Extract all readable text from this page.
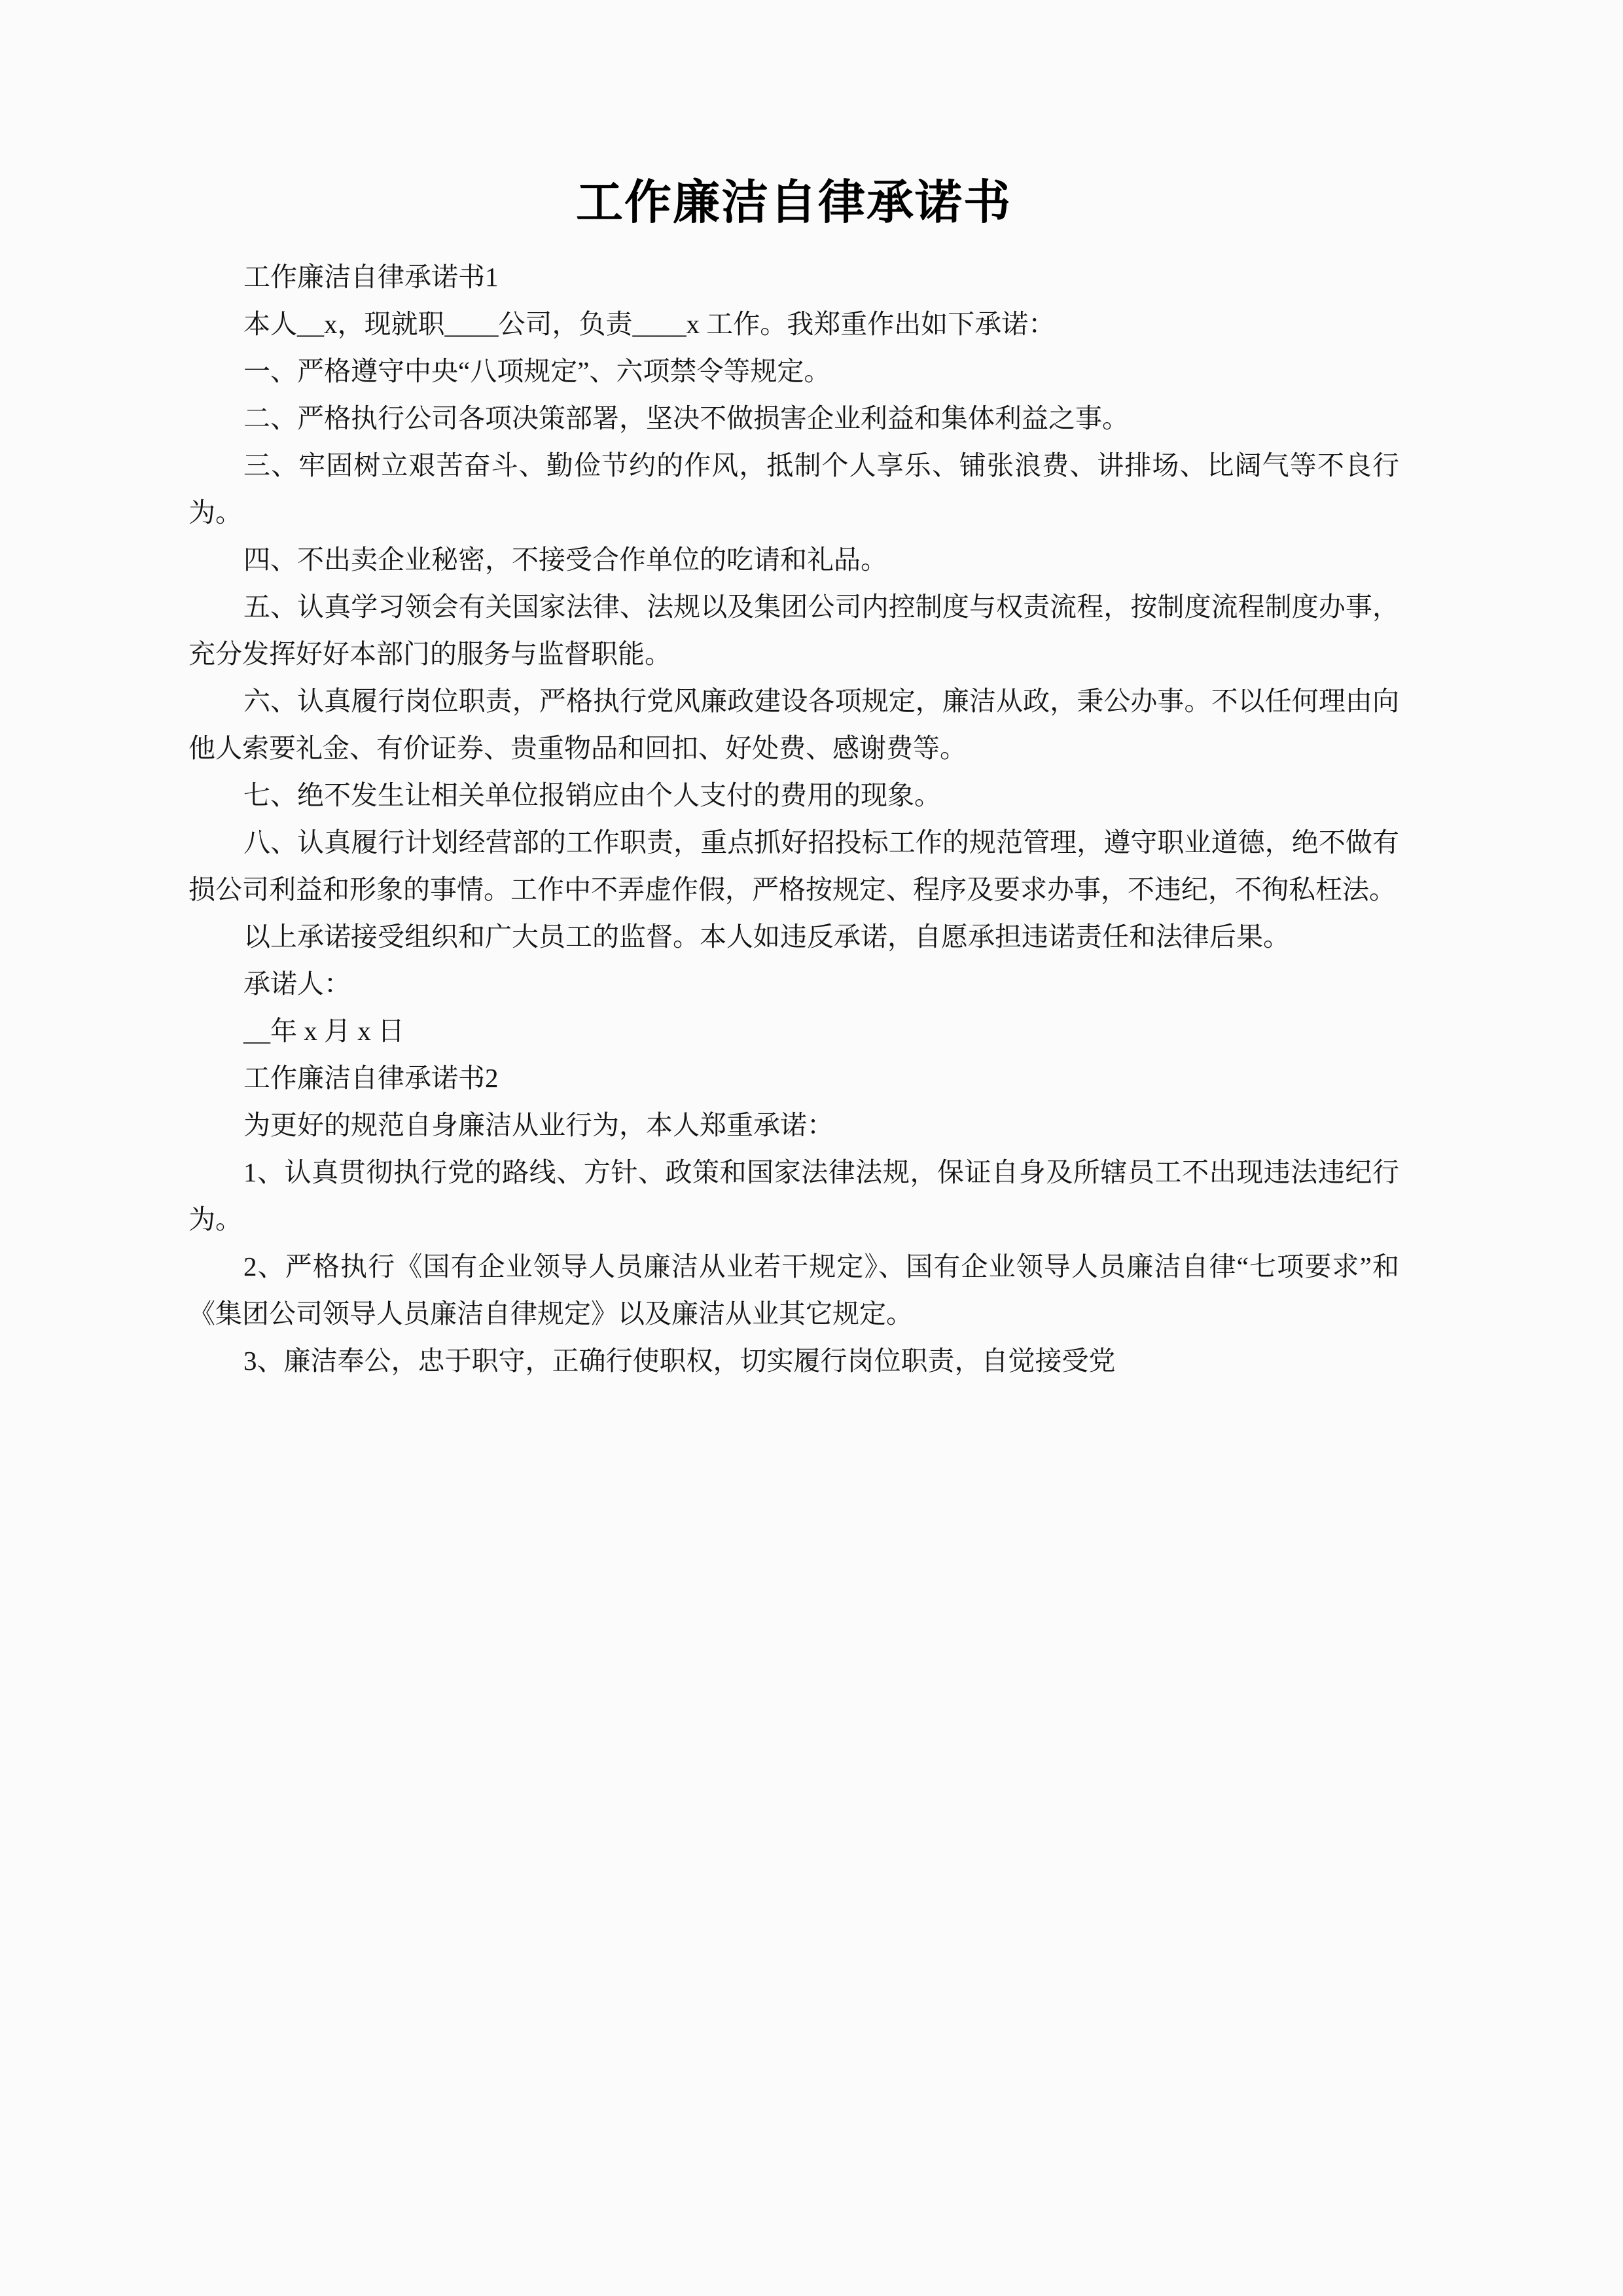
工作廉洁自律承诺书

工作廉洁自律承诺书1

本人__x，现就职____公司，负责____x 工作。我郑重作出如下承诺：

一、严格遵守中央“八项规定”、六项禁令等规定。

二、严格执行公司各项决策部署，坚决不做损害企业利益和集体利益之事。

三、牢固树立艰苦奋斗、勤俭节约的作风，抵制个人享乐、铺张浪费、讲排场、比阔气等不良行为。

四、不出卖企业秘密，不接受合作单位的吃请和礼品。

五、认真学习领会有关国家法律、法规以及集团公司内控制度与权责流程，按制度流程制度办事，充分发挥好好本部门的服务与监督职能。

六、认真履行岗位职责，严格执行党风廉政建设各项规定，廉洁从政，秉公办事。不以任何理由向他人索要礼金、有价证券、贵重物品和回扣、好处费、感谢费等。

七、绝不发生让相关单位报销应由个人支付的费用的现象。

八、认真履行计划经营部的工作职责，重点抓好招投标工作的规范管理，遵守职业道德，绝不做有损公司利益和形象的事情。工作中不弄虚作假，严格按规定、程序及要求办事，不违纪，不徇私枉法。

以上承诺接受组织和广大员工的监督。本人如违反承诺，自愿承担违诺责任和法律后果。

承诺人：

__年 x 月 x 日

工作廉洁自律承诺书2

为更好的规范自身廉洁从业行为，本人郑重承诺：

1、认真贯彻执行党的路线、方针、政策和国家法律法规，保证自身及所辖员工不出现违法违纪行为。

2、严格执行《国有企业领导人员廉洁从业若干规定》、国有企业领导人员廉洁自律“七项要求”和《集团公司领导人员廉洁自律规定》以及廉洁从业其它规定。

3、廉洁奉公，忠于职守，正确行使职权，切实履行岗位职责，自觉接受党
